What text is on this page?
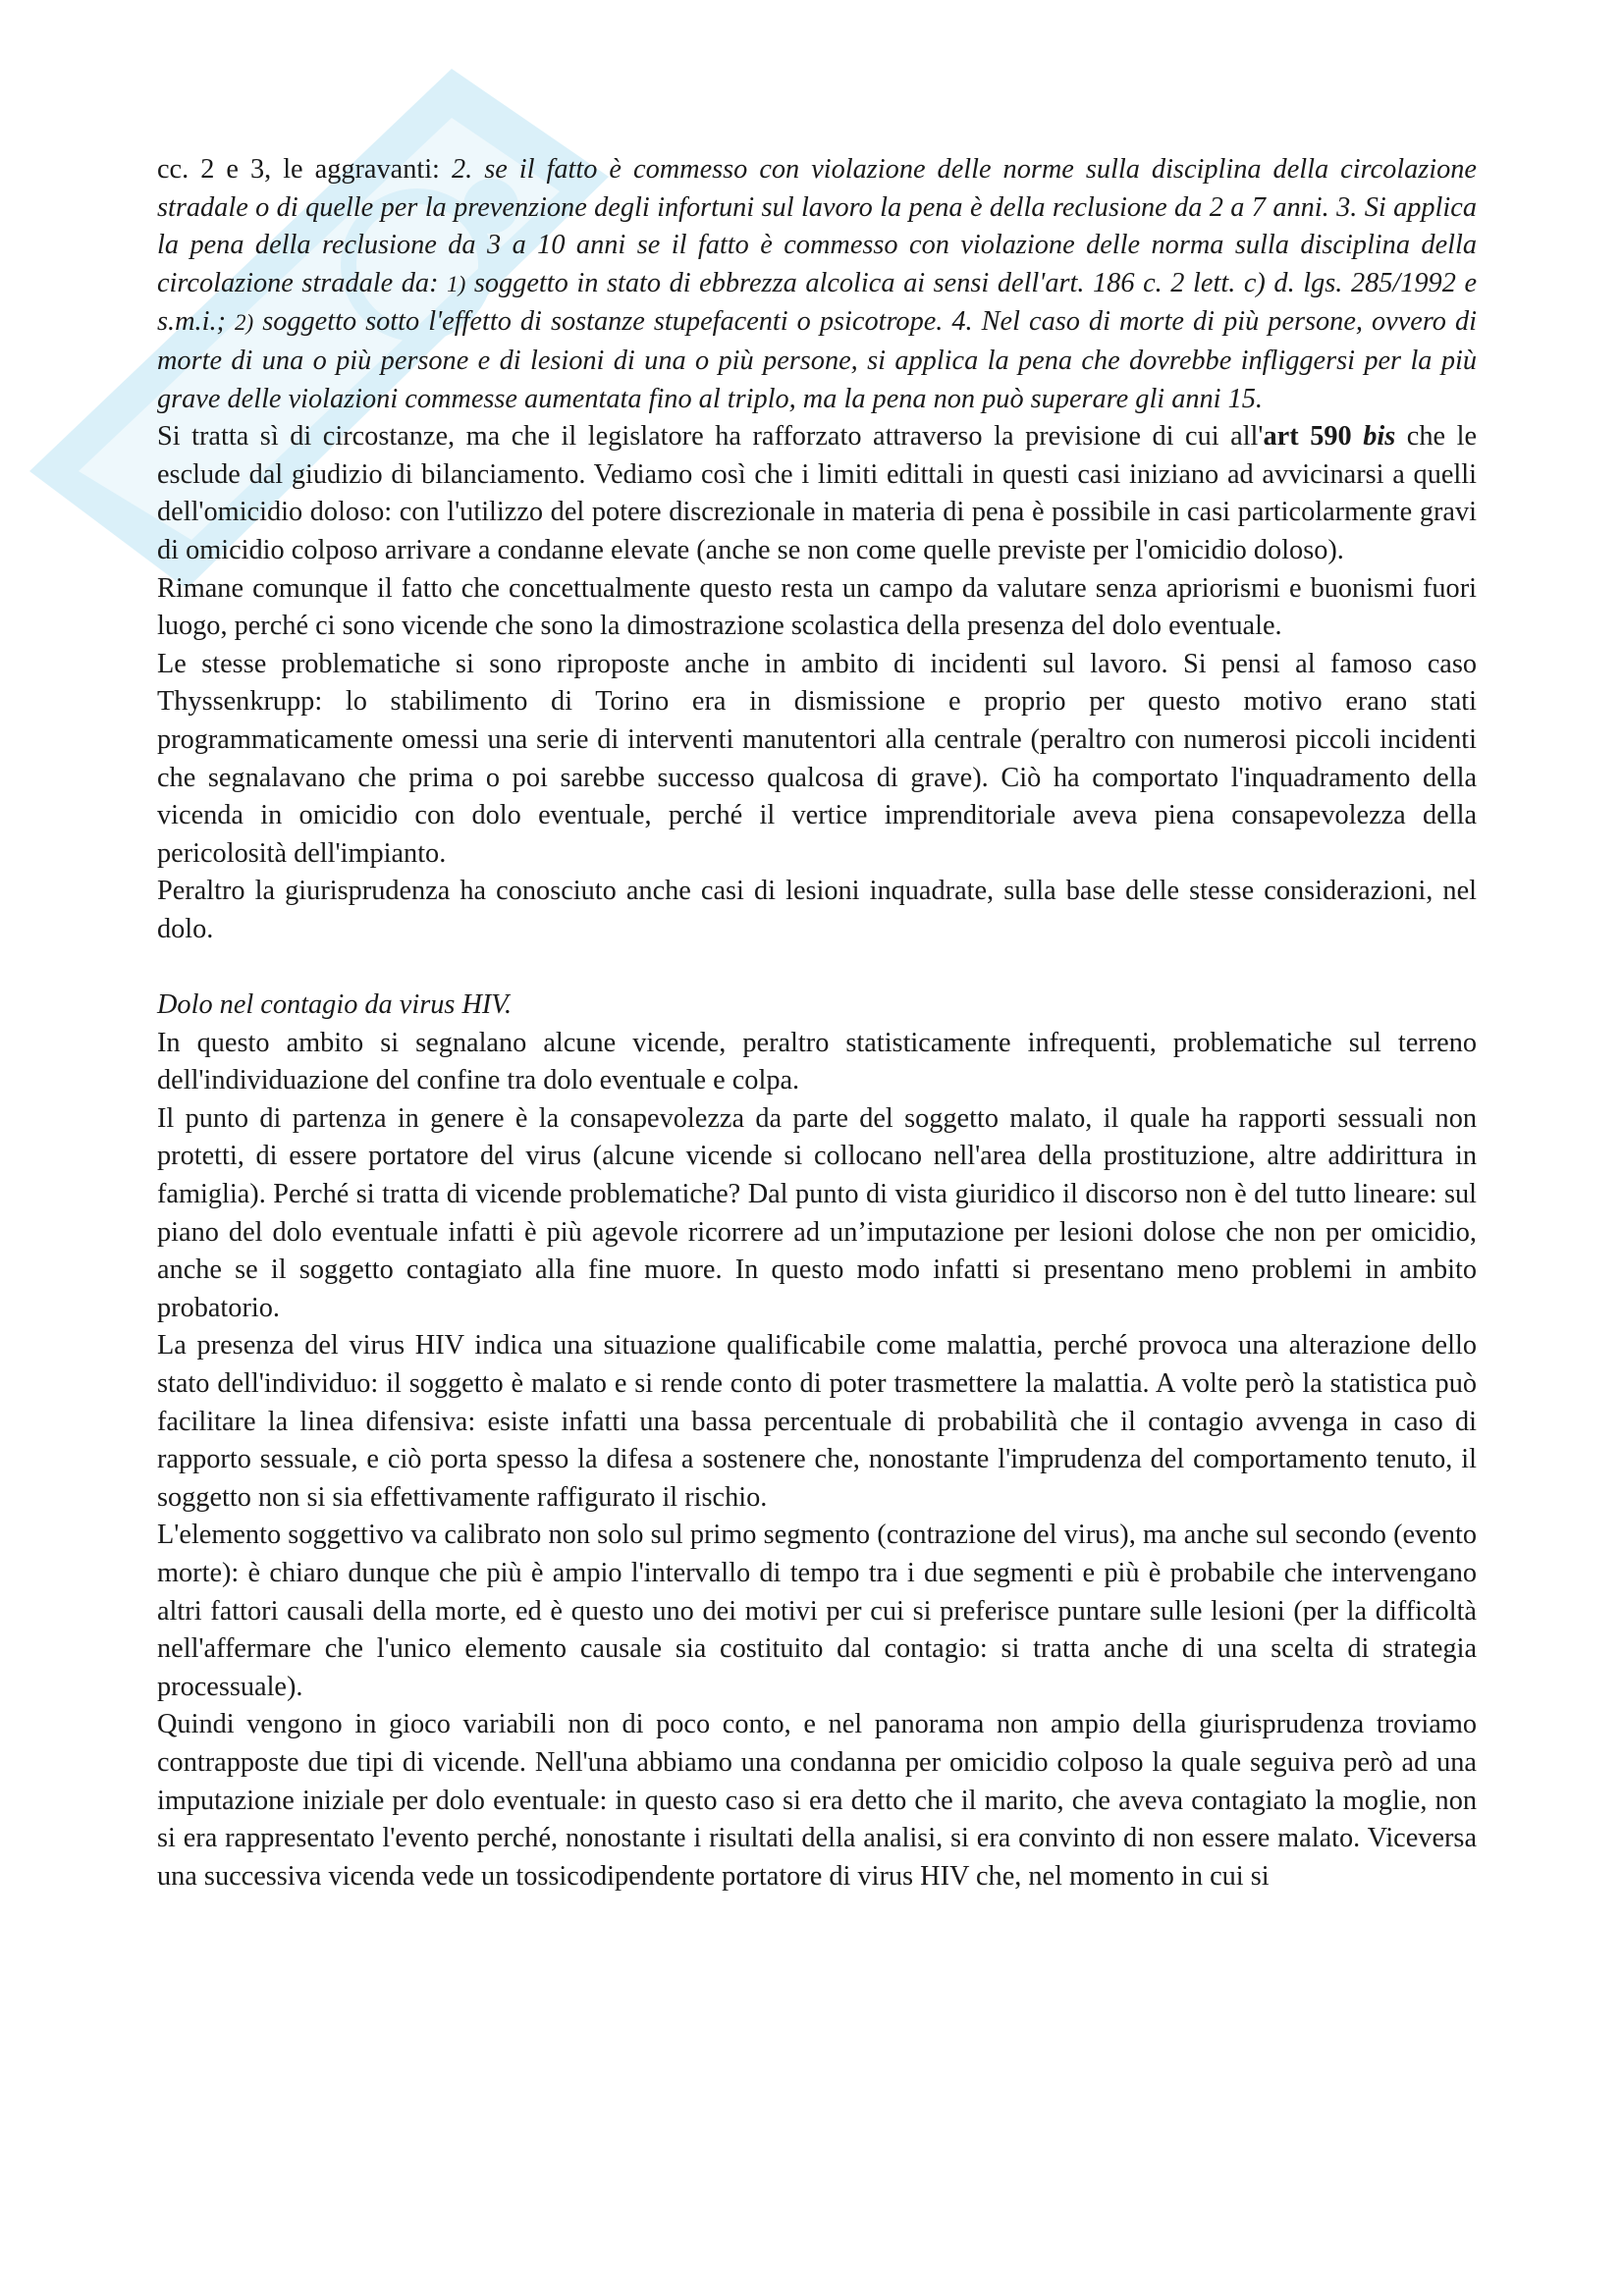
cc. 2 e 3, le aggravanti: 2. se il fatto è commesso con violazione delle norme sulla disciplina della circolazione stradale o di quelle per la prevenzione degli infortuni sul lavoro la pena è della reclusione da 2 a 7 anni. 3. Si applica la pena della reclusione da 3 a 10 anni se il fatto è commesso con violazione delle norma sulla disciplina della circolazione stradale da: 1) soggetto in stato di ebbrezza alcolica ai sensi dell'art. 186 c. 2 lett. c) d. lgs. 285/1992 e s.m.i.; 2) soggetto sotto l'effetto di sostanze stupefacenti o psicotrope. 4. Nel caso di morte di più persone, ovvero di morte di una o più persone e di lesioni di una o più persone, si applica la pena che dovrebbe infliggersi per la più grave delle violazioni commesse aumentata fino al triplo, ma la pena non può superare gli anni 15.

Si tratta sì di circostanze, ma che il legislatore ha rafforzato attraverso la previsione di cui all'art 590 bis che le esclude dal giudizio di bilanciamento. Vediamo così che i limiti edittali in questi casi iniziano ad avvicinarsi a quelli dell'omicidio doloso: con l'utilizzo del potere discrezionale in materia di pena è possibile in casi particolarmente gravi di omicidio colposo arrivare a condanne elevate (anche se non come quelle previste per l'omicidio doloso).

Rimane comunque il fatto che concettualmente questo resta un campo da valutare senza apriorismi e buonismi fuori luogo, perché ci sono vicende che sono la dimostrazione scolastica della presenza del dolo eventuale.

Le stesse problematiche si sono riproposte anche in ambito di incidenti sul lavoro. Si pensi al famoso caso Thyssenkrupp: lo stabilimento di Torino era in dismissione e proprio per questo motivo erano stati programmaticamente omessi una serie di interventi manutentori alla centrale (peraltro con numerosi piccoli incidenti che segnalavano che prima o poi sarebbe successo qualcosa di grave). Ciò ha comportato l'inquadramento della vicenda in omicidio con dolo eventuale, perché il vertice imprenditoriale aveva piena consapevolezza della pericolosità dell'impianto.

Peraltro la giurisprudenza ha conosciuto anche casi di lesioni inquadrate, sulla base delle stesse considerazioni, nel dolo.

Dolo nel contagio da virus HIV.

In questo ambito si segnalano alcune vicende, peraltro statisticamente infrequenti, problematiche sul terreno dell'individuazione del confine tra dolo eventuale e colpa.

Il punto di partenza in genere è la consapevolezza da parte del soggetto malato, il quale ha rapporti sessuali non protetti, di essere portatore del virus (alcune vicende si collocano nell'area della prostituzione, altre addirittura in famiglia). Perché si tratta di vicende problematiche? Dal punto di vista giuridico il discorso non è del tutto lineare: sul piano del dolo eventuale infatti è più agevole ricorrere ad un’imputazione per lesioni dolose che non per omicidio, anche se il soggetto contagiato alla fine muore. In questo modo infatti si presentano meno problemi in ambito probatorio.

La presenza del virus HIV indica una situazione qualificabile come malattia, perché provoca una alterazione dello stato dell'individuo: il soggetto è malato e si rende conto di poter trasmettere la malattia. A volte però la statistica può facilitare la linea difensiva: esiste infatti una bassa percentuale di probabilità che il contagio avvenga in caso di rapporto sessuale, e ciò porta spesso la difesa a sostenere che, nonostante l'imprudenza del comportamento tenuto, il soggetto non si sia effettivamente raffigurato il rischio.

L'elemento soggettivo va calibrato non solo sul primo segmento (contrazione del virus), ma anche sul secondo (evento morte): è chiaro dunque che più è ampio l'intervallo di tempo tra i due segmenti e più è probabile che intervengano altri fattori causali della morte, ed è questo uno dei motivi per cui si preferisce puntare sulle lesioni (per la difficoltà nell'affermare che l'unico elemento causale sia costituito dal contagio: si tratta anche di una scelta di strategia processuale).

Quindi vengono in gioco variabili non di poco conto, e nel panorama non ampio della giurisprudenza troviamo contrapposte due tipi di vicende. Nell'una abbiamo una condanna per omicidio colposo la quale seguiva però ad una imputazione iniziale per dolo eventuale: in questo caso si era detto che il marito, che aveva contagiato la moglie, non si era rappresentato l'evento perché, nonostante i risultati della analisi, si era convinto di non essere malato. Viceversa una successiva vicenda vede un tossicodipendente portatore di virus HIV che, nel momento in cui si
